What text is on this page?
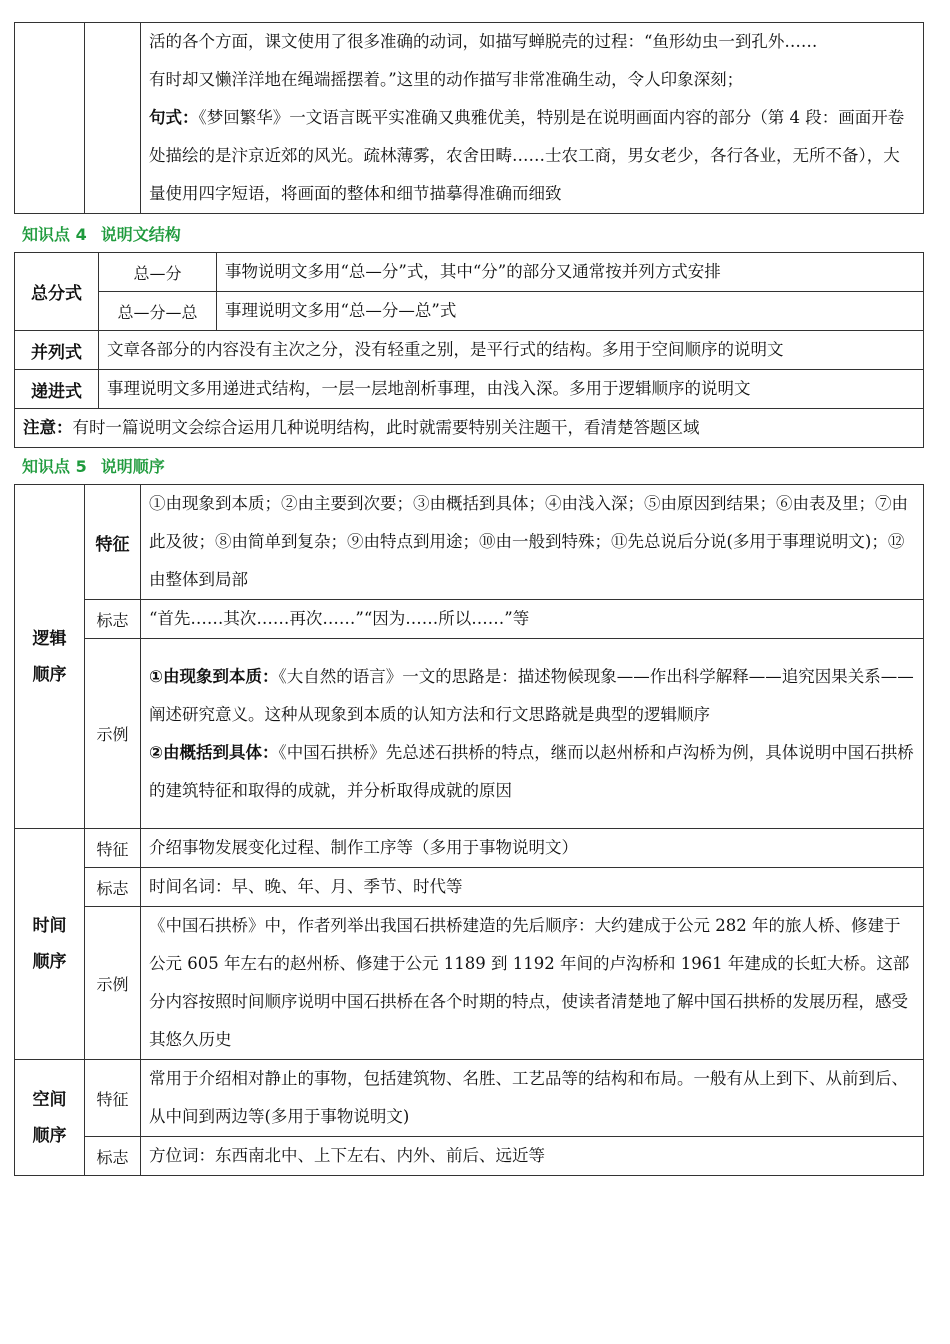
活的各个方面，课文使用了很多准确的动词，如描写蝉脱壳的过程：“鱼形幼虫一到孔外……
有时却又懒洋洋地在绳端摇摆着。”这里的动作描写非常准确生动，令人印象深刻；
句式：《梦回繁华》一文语言既平实准确又典雅优美，特别是在说明画面内容的部分（第 4 段：画面开卷处描绘的是汴京近郊的风光。疏林薄雾，农舍田畴……士农工商，男女老少，各行各业，无所不备），大量使用四字短语，将画面的整体和细节描摹得准确而细致
知识点 4 说明文结构
总分式	总—分	事物说明文多用“总—分”式，其中“分”的部分又通常按并列方式安排
	总—分—总	事理说明文多用“总—分—总”式
并列式	文章各部分的内容没有主次之分，没有轻重之别，是平行式的结构。多用于空间顺序的说明文	
递进式	事理说明文多用递进式结构，一层一层地剖析事理，由浅入深。多用于逻辑顺序的说明文	
注意：有时一篇说明文会综合运用几种说明结构，此时就需要特别关注题干，看清楚答题区域		
知识点 5 说明顺序
逻辑
顺序	特征	①由现象到本质；②由主要到次要；③由概括到具体；④由浅入深；⑤由原因到结果；⑥由表及里；⑦由此及彼；⑧由简单到复杂；⑨由特点到用途；⑩由一般到特殊；⑪先总说后分说(多用于事理说明文)；⑫由整体到局部
	标志	“首先……其次……再次……”“因为……所以……”等
	示例	①由现象到本质：《大自然的语言》一文的思路是：描述物候现象——作出科学解释——追究因果关系——阐述研究意义。这种从现象到本质的认知方法和行文思路就是典型的逻辑顺序
②由概括到具体：《中国石拱桥》先总述石拱桥的特点，继而以赵州桥和卢沟桥为例，具体说明中国石拱桥的建筑特征和取得的成就，并分析取得成就的原因

时间
顺序	特征	介绍事物发展变化过程、制作工序等（多用于事物说明文）
	标志	时间名词：早、晚、年、月、季节、时代等
	示例	《中国石拱桥》中，作者列举出我国石拱桥建造的先后顺序：大约建成于公元 282 年的旅人桥、修建于公元 605 年左右的赵州桥、修建于公元 1189 到 1192 年间的卢沟桥和 1961 年建成的长虹大桥。这部分内容按照时间顺序说明中国石拱桥在各个时期的特点，使读者清楚地了解中国石拱桥的发展历程，感受其悠久历史

空间
顺序	特征	常用于介绍相对静止的事物，包括建筑物、名胜、工艺品等的结构和布局。一般有从上到下、从前到后、从中间到两边等(多用于事物说明文)
	标志	方位词：东西南北中、上下左右、内外、前后、远近等
